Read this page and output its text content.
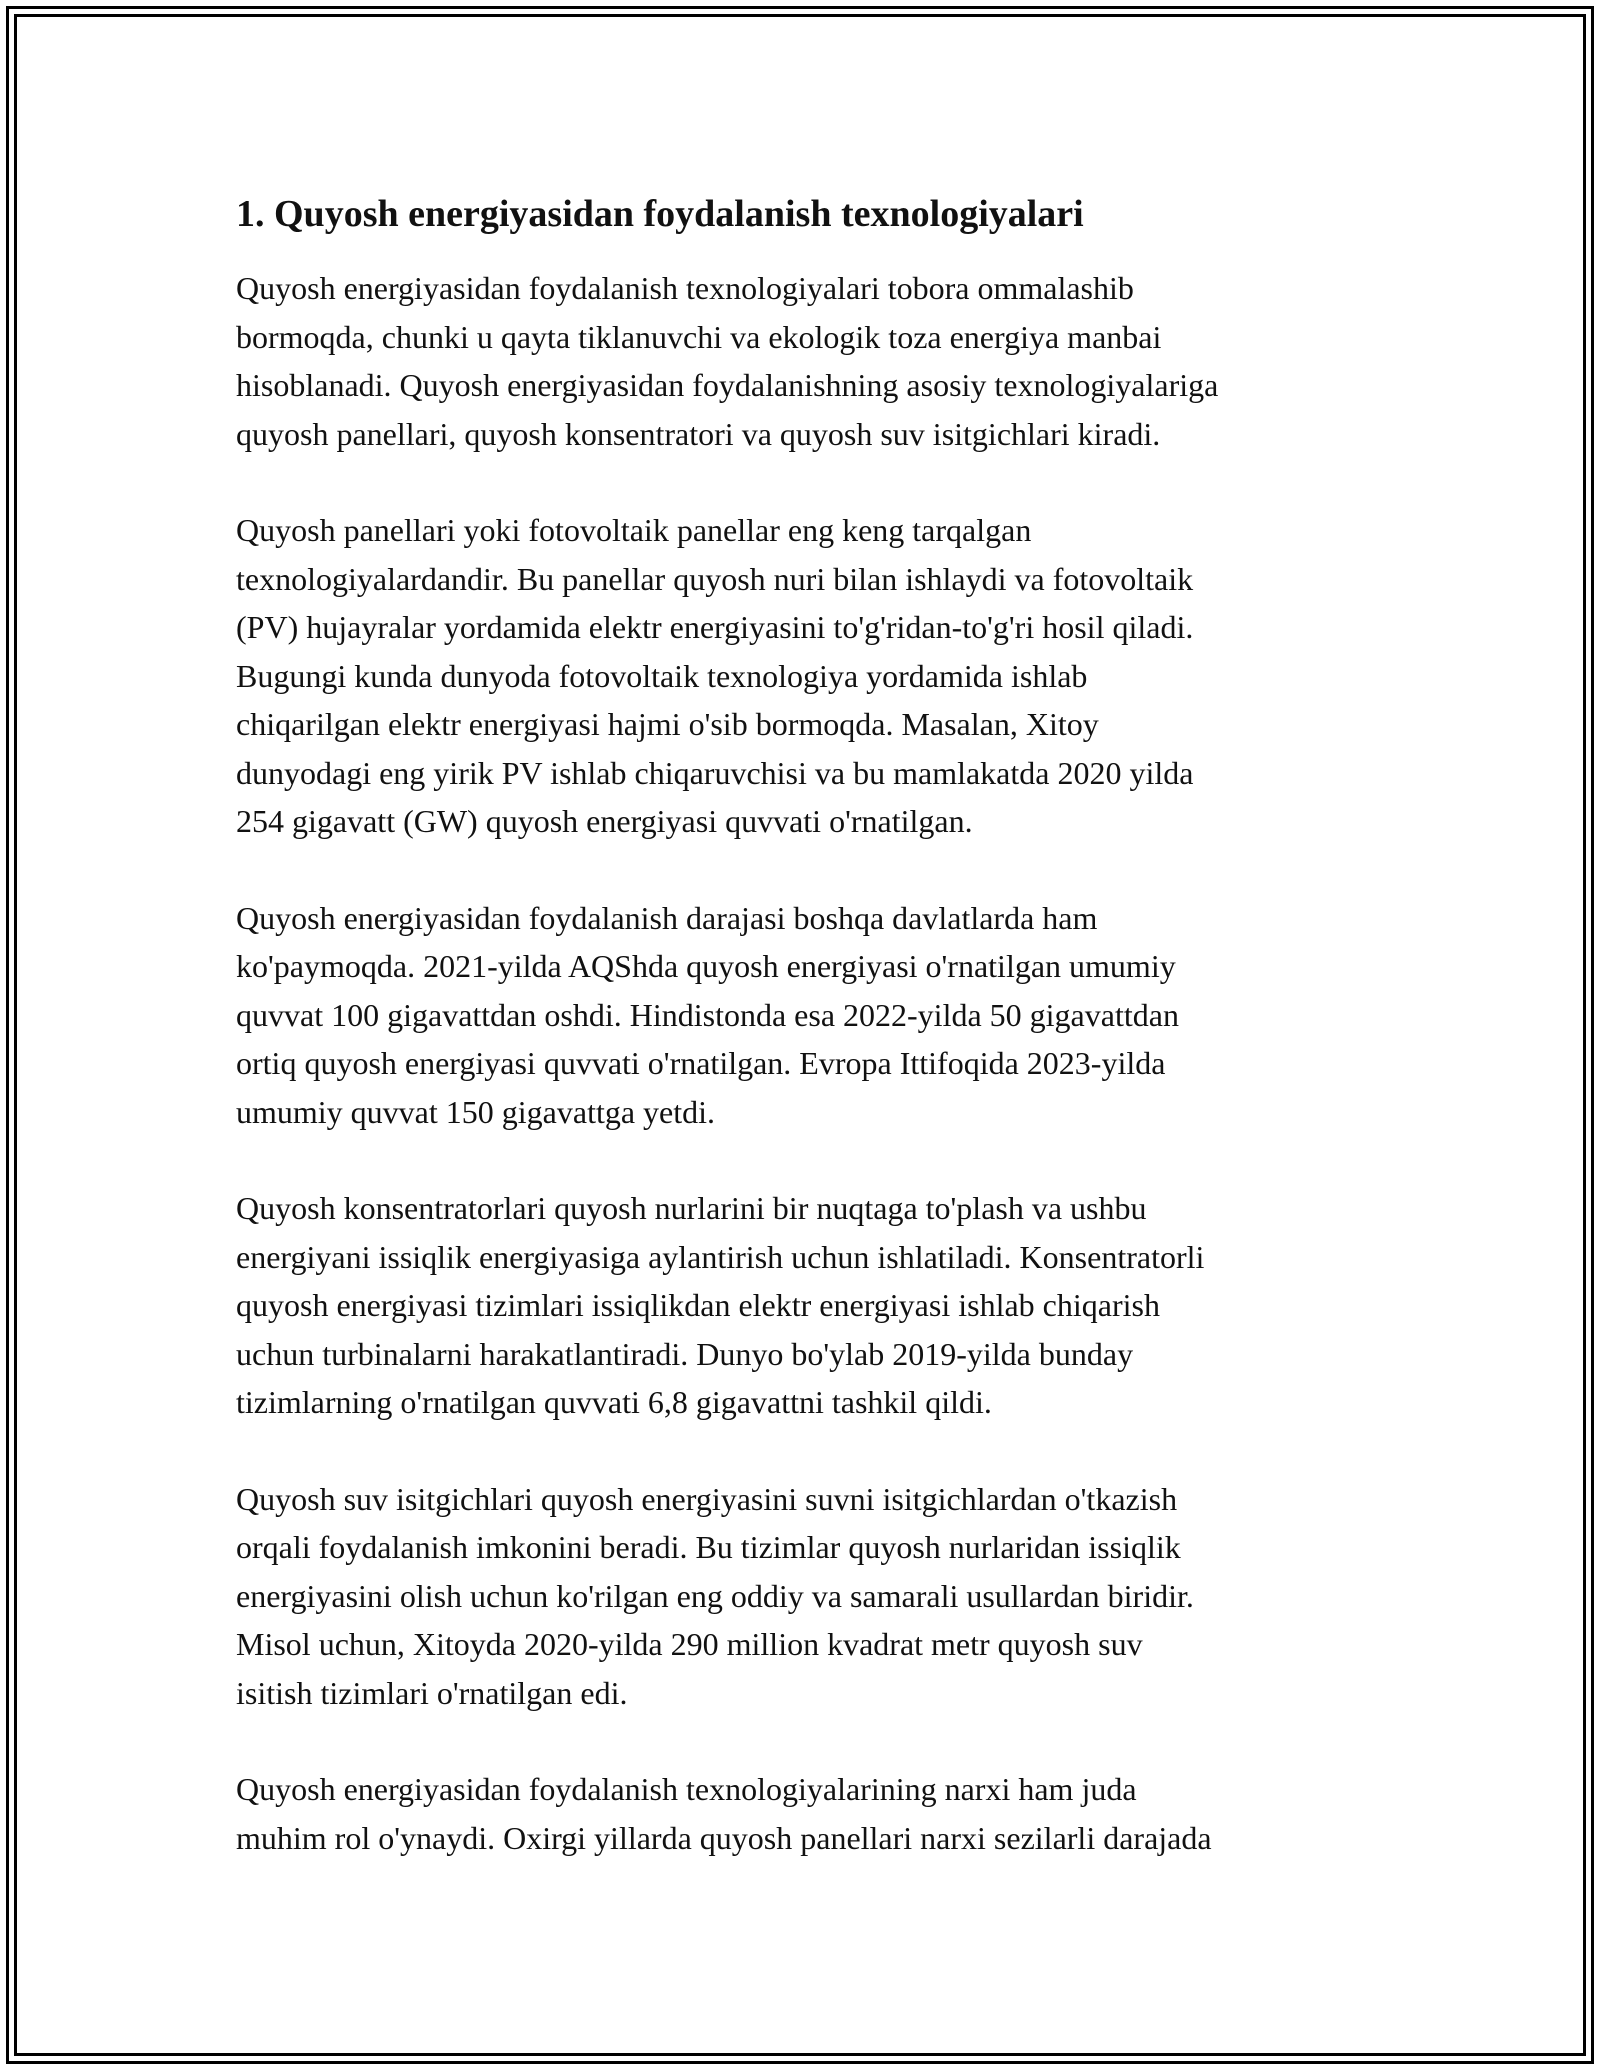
1. Quyosh energiyasidan foydalanish texnologiyalari

Quyosh energiyasidan foydalanish texnologiyalari tobora ommalashib
bormoqda, chunki u qayta tiklanuvchi va ekologik toza energiya manbai
hisoblanadi. Quyosh energiyasidan foydalanishning asosiy texnologiyalariga
quyosh panellari, quyosh konsentratori va quyosh suv isitgichlari kiradi.

Quyosh panellari yoki fotovoltaik panellar eng keng tarqalgan
texnologiyalardandir. Bu panellar quyosh nuri bilan ishlaydi va fotovoltaik
(PV) hujayralar yordamida elektr energiyasini to'g'ridan-to'g'ri hosil qiladi.
Bugungi kunda dunyoda fotovoltaik texnologiya yordamida ishlab
chiqarilgan elektr energiyasi hajmi o'sib bormoqda. Masalan, Xitoy
dunyodagi eng yirik PV ishlab chiqaruvchisi va bu mamlakatda 2020 yilda
254 gigavatt (GW) quyosh energiyasi quvvati o'rnatilgan.

Quyosh energiyasidan foydalanish darajasi boshqa davlatlarda ham
ko'paymoqda. 2021-yilda AQShda quyosh energiyasi o'rnatilgan umumiy
quvvat 100 gigavattdan oshdi. Hindistonda esa 2022-yilda 50 gigavattdan
ortiq quyosh energiyasi quvvati o'rnatilgan. Evropa Ittifoqida 2023-yilda
umumiy quvvat 150 gigavattga yetdi.

Quyosh konsentratorlari quyosh nurlarini bir nuqtaga to'plash va ushbu
energiyani issiqlik energiyasiga aylantirish uchun ishlatiladi. Konsentratorli
quyosh energiyasi tizimlari issiqlikdan elektr energiyasi ishlab chiqarish
uchun turbinalarni harakatlantiradi. Dunyo bo'ylab 2019-yilda bunday
tizimlarning o'rnatilgan quvvati 6,8 gigavattni tashkil qildi.

Quyosh suv isitgichlari quyosh energiyasini suvni isitgichlardan o'tkazish
orqali foydalanish imkonini beradi. Bu tizimlar quyosh nurlaridan issiqlik
energiyasini olish uchun ko'rilgan eng oddiy va samarali usullardan biridir.
Misol uchun, Xitoyda 2020-yilda 290 million kvadrat metr quyosh suv
isitish tizimlari o'rnatilgan edi.

Quyosh energiyasidan foydalanish texnologiyalarining narxi ham juda
muhim rol o'ynaydi. Oxirgi yillarda quyosh panellari narxi sezilarli darajada
